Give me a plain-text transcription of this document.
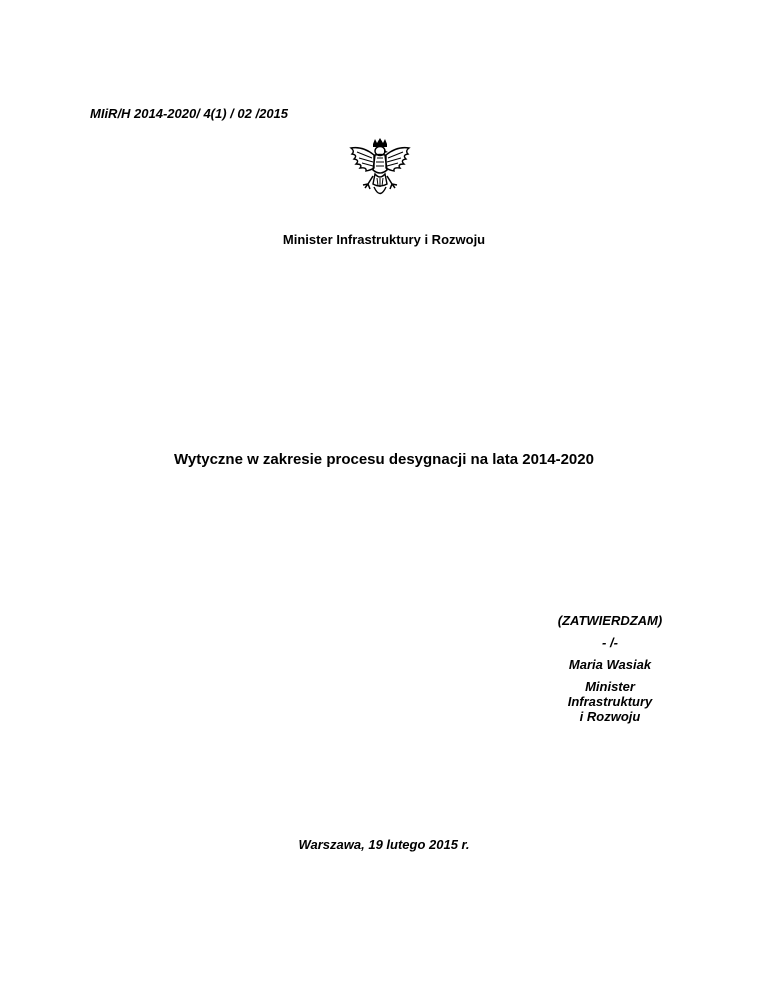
MIiR/H 2014-2020/ 4(1) / 02 /2015
Minister Infrastruktury i Rozwoju
Wytyczne w zakresie procesu desygnacji na lata 2014-2020
(ZATWIERDZAM)
- /-
Maria Wasiak
Minister
Infrastruktury
i Rozwoju
Warszawa, 19 lutego 2015 r.
